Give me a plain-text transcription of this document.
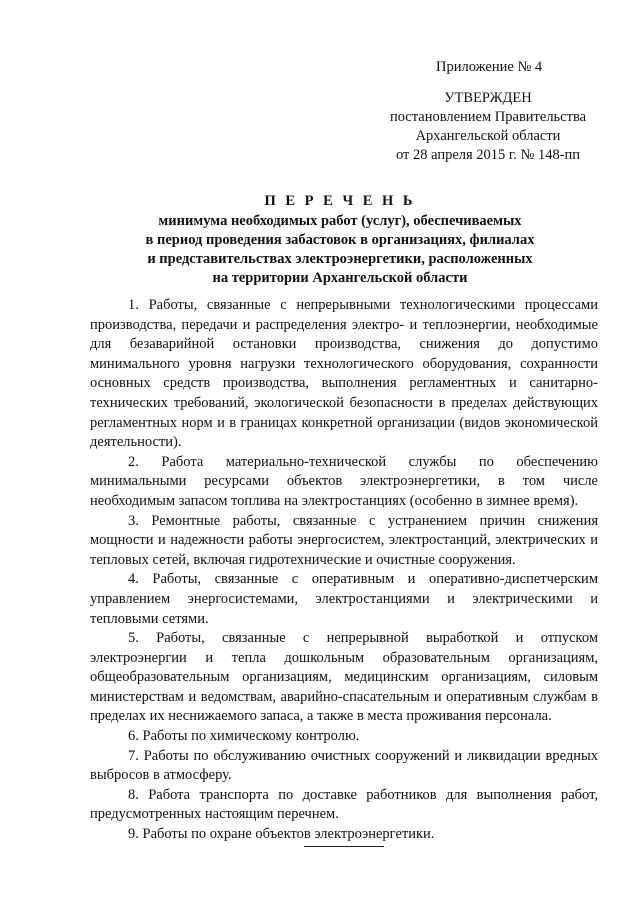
Приложение № 4
УТВЕРЖДЕН
постановлением Правительства
Архангельской области
от 28 апреля 2015 г. № 148-пп
П Е Р Е Ч Е Н Ь
минимума необходимых работ (услуг), обеспечиваемых
в период проведения забастовок в организациях, филиалах
и представительствах электроэнергетики, расположенных
на территории Архангельской области

1. Работы, связанные с непрерывными технологическими процессами производства, передачи и распределения электро- и теплоэнергии, необходимые для безаварийной остановки производства, снижения до допустимо минимального уровня нагрузки технологического оборудования, сохранности основных средств производства, выполнения регламентных и санитарно-технических требований, экологической безопасности в пределах действующих регламентных норм и в границах конкретной организации (видов экономической деятельности).

2. Работа материально-технической службы по обеспечению минимальными ресурсами объектов электроэнергетики, в том числе необходимым запасом топлива на электростанциях (особенно в зимнее время).

3. Ремонтные работы, связанные с устранением причин снижения мощности и надежности работы энергосистем, электростанций, электрических и тепловых сетей, включая гидротехнические и очистные сооружения.

4. Работы, связанные с оперативным и оперативно-диспетчерским управлением энергосистемами, электростанциями и электрическими и тепловыми сетями.

5. Работы, связанные с непрерывной выработкой и отпуском электроэнергии и тепла дошкольным образовательным организациям, общеобразовательным организациям, медицинским организациям, силовым министерствам и ведомствам, аварийно-спасательным и оперативным службам в пределах их неснижаемого запаса, а также в места проживания персонала.

6. Работы по химическому контролю.

7. Работы по обслуживанию очистных сооружений и ликвидации вредных выбросов в атмосферу.

8. Работа транспорта по доставке работников для выполнения работ, предусмотренных настоящим перечнем.

9. Работы по охране объектов электроэнергетики.
